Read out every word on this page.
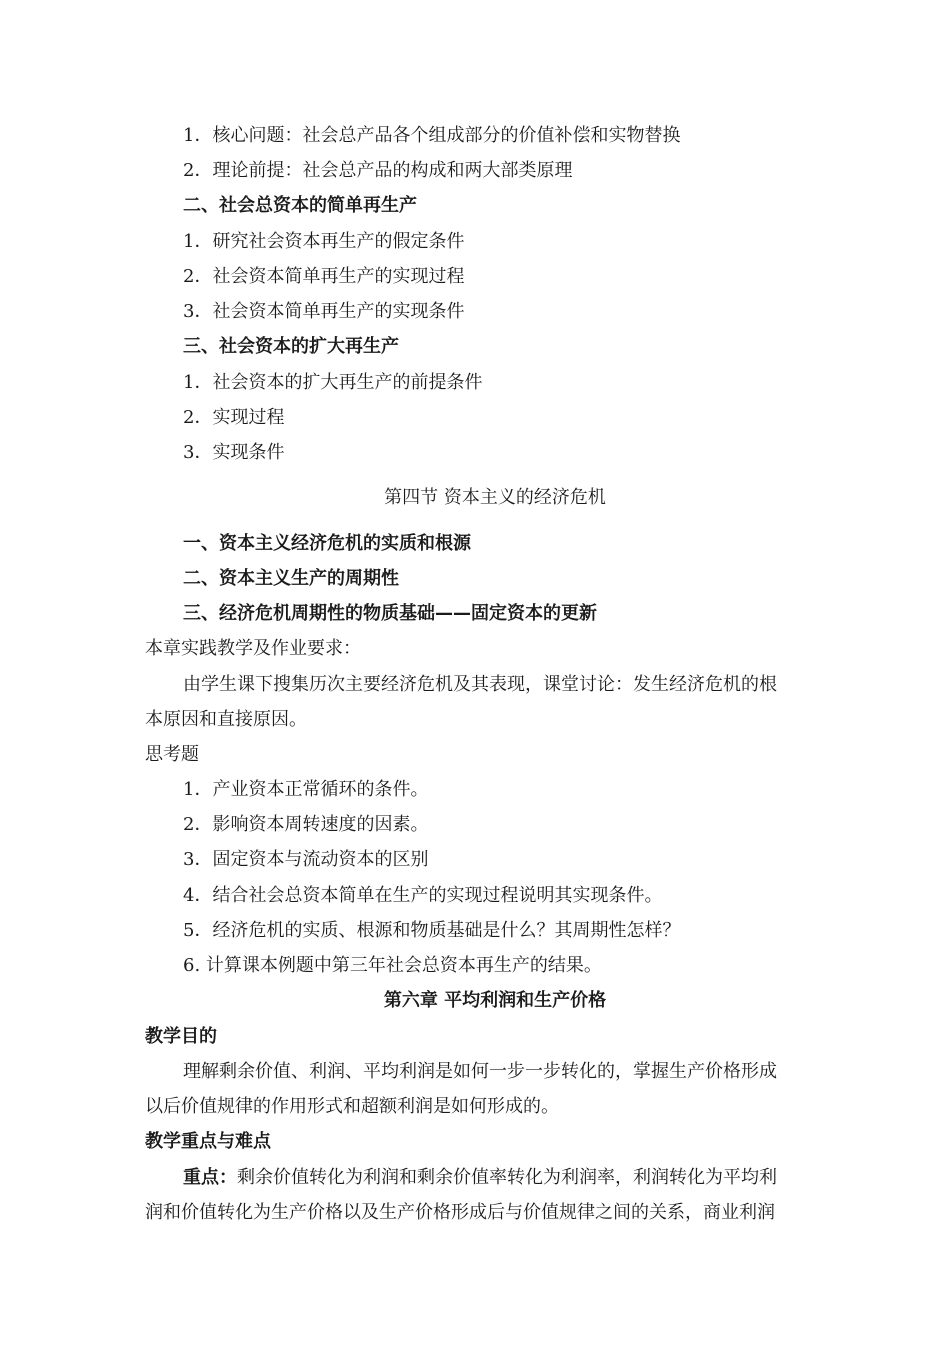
1．核心问题：社会总产品各个组成部分的价值补偿和实物替换
2．理论前提：社会总产品的构成和两大部类原理
二、社会总资本的简单再生产
1．研究社会资本再生产的假定条件
2．社会资本简单再生产的实现过程
3．社会资本简单再生产的实现条件
三、社会资本的扩大再生产
1．社会资本的扩大再生产的前提条件
2．实现过程
3．实现条件
第四节 资本主义的经济危机
一、资本主义经济危机的实质和根源
二、资本主义生产的周期性
三、经济危机周期性的物质基础——固定资本的更新
本章实践教学及作业要求：
由学生课下搜集历次主要经济危机及其表现，课堂讨论：发生经济危机的根
本原因和直接原因。
思考题
1．产业资本正常循环的条件。
2．影响资本周转速度的因素。
3．固定资本与流动资本的区别
4．结合社会总资本简单在生产的实现过程说明其实现条件。
5．经济危机的实质、根源和物质基础是什么？其周期性怎样？
6. 计算课本例题中第三年社会总资本再生产的结果。
第六章 平均利润和生产价格
教学目的
理解剩余价值、利润、平均利润是如何一步一步转化的，掌握生产价格形成
以后价值规律的作用形式和超额利润是如何形成的。
教学重点与难点
重点：剩余价值转化为利润和剩余价值率转化为利润率，利润转化为平均利
润和价值转化为生产价格以及生产价格形成后与价值规律之间的关系，商业利润
